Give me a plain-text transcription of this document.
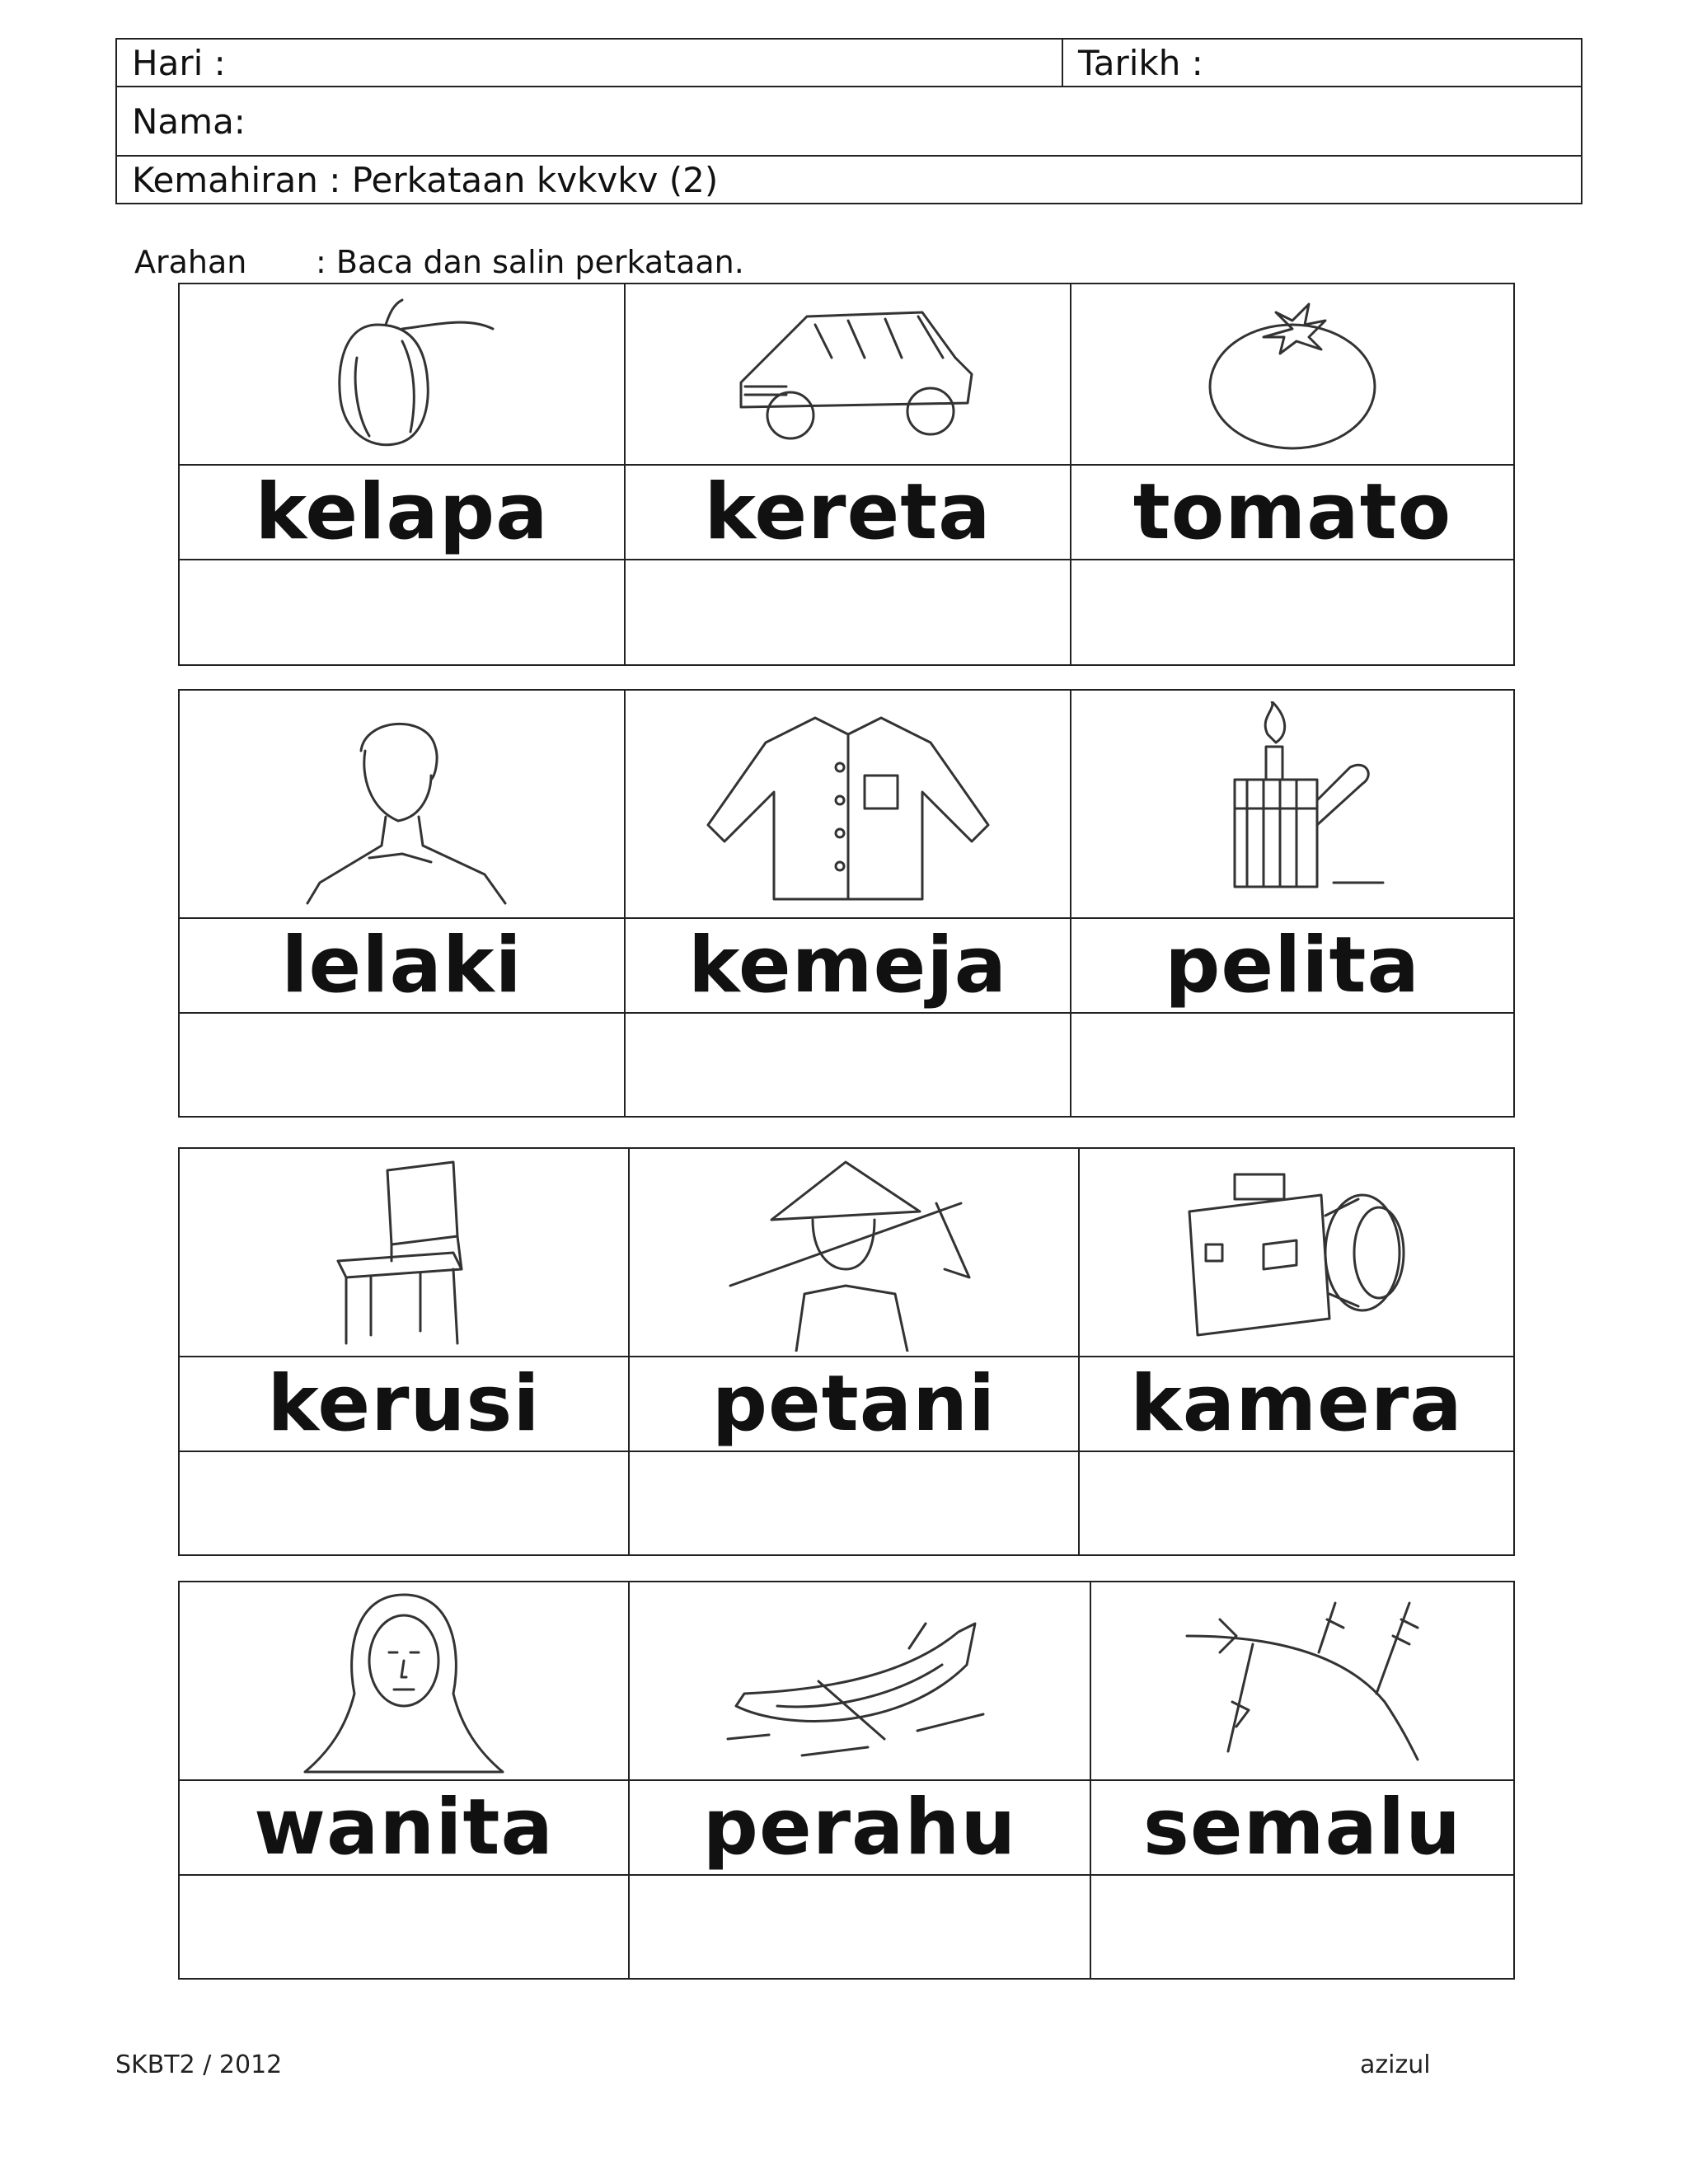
Hari :	Tarikh :
Nama:
Kemahiran : Perkataan kvkvkv (2)
Arahan : Baca dan salin perkataan.
kelapa kereta tomato
lelaki kemeja pelita
kerusi petani kamera
wanita perahu semalu
SKBT2 / 2012	azizul
